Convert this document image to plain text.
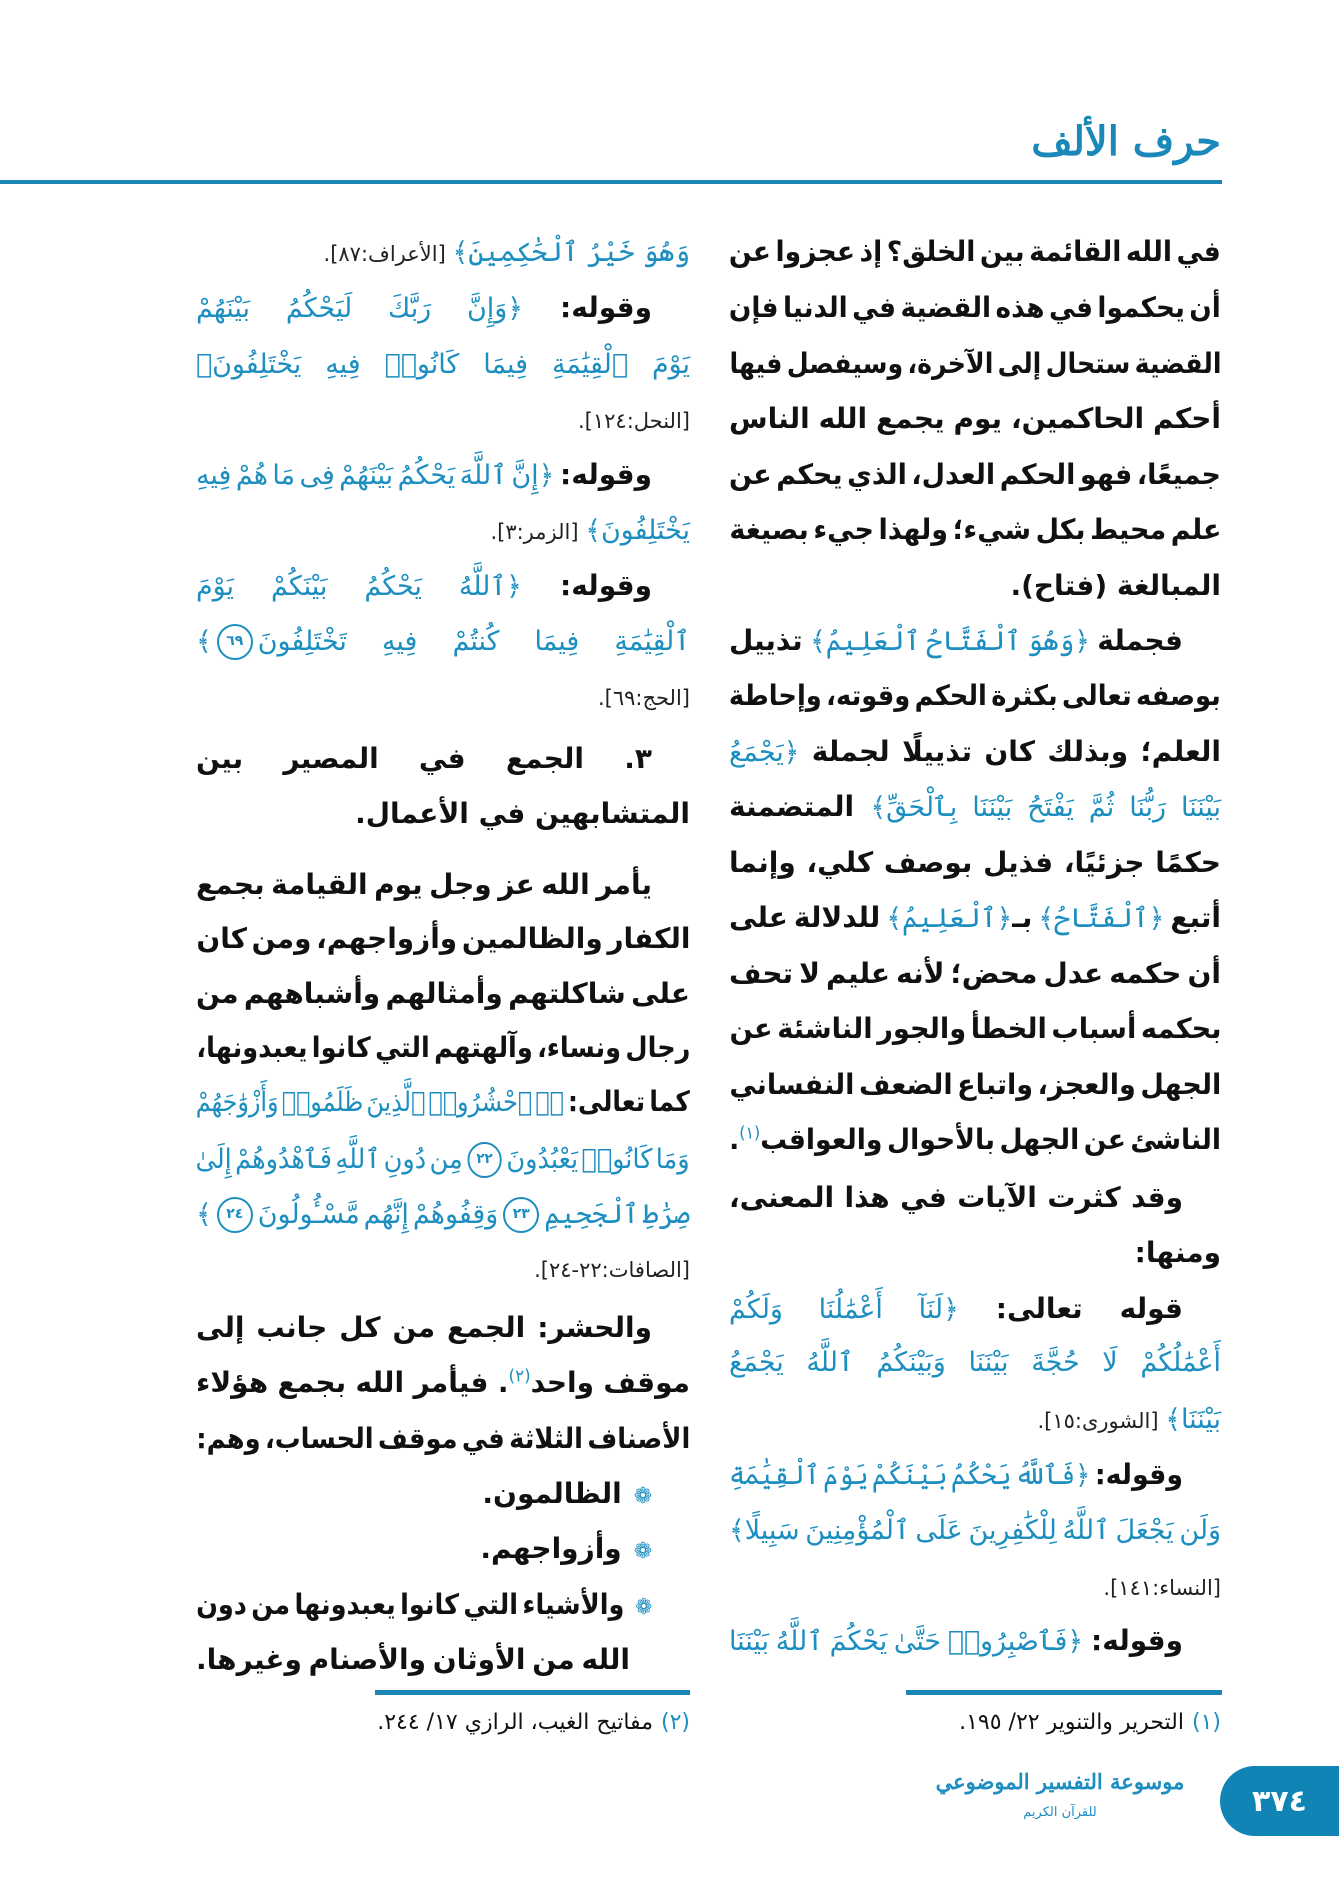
حرف الألف
في الله القائمة بين الخلق؟ إذ عجزوا عن
أن يحكموا في هذه القضية في الدنيا فإن
القضية ستحال إلى الآخرة، وسيفصل فيها
أحكم الحاكمين، يوم يجمع الله الناس
جميعًا، فهو الحكم العدل، الذي يحكم عن
علم محيط بكل شيء؛ ولهذا جيء بصيغة
المبالغة (فتاح).
فجملة ﴿وَهُوَ ٱلْفَتَّاحُ ٱلْعَلِيمُ﴾ تذييل
بوصفه تعالى بكثرة الحكم وقوته، وإحاطة
العلم؛ وبذلك كان تذييلًا لجملة ﴿يَجْمَعُ
بَيْنَنَا رَبُّنَا ثُمَّ يَفْتَحُ بَيْنَنَا بِٱلْحَقِّ﴾ المتضمنة
حكمًا جزئيًا، فذيل بوصف كلي، وإنما
أتبع ﴿ٱلْفَتَّاحُ﴾ بـ﴿ٱلْعَلِيمُ﴾ للدلالة على
أن حكمه عدل محض؛ لأنه عليم لا تحف
بحكمه أسباب الخطأ والجور الناشئة عن
الجهل والعجز، واتباع الضعف النفساني
الناشئ عن الجهل بالأحوال والعواقب$^{(١)}$.
وقد كثرت الآيات في هذا المعنى،
ومنها:
قوله تعالى: ﴿لَنَآ أَعْمَٰلُنَا وَلَكُمْ
أَعْمَٰلُكُمْ لَا حُجَّةَ بَيْنَنَا وَبَيْنَكُمُ ٱللَّهُ يَجْمَعُ
بَيْنَنَا﴾ [الشورى:١٥].
وقوله: ﴿فَٱللَّهُ يَحْكُمُ بَيْنَكُمْ يَوْمَ ٱلْقِيَٰمَةِ
وَلَن يَجْعَلَ ٱللَّهُ لِلْكَٰفِرِينَ عَلَى ٱلْمُؤْمِنِينَ سَبِيلًا﴾
[النساء:١٤١].
وقوله: ﴿فَٱصْبِرُوا۟ حَتَّىٰ يَحْكُمَ ٱللَّهُ بَيْنَنَا
وَهُوَ خَيْرُ ٱلْحَٰكِمِينَ﴾ [الأعراف:٨٧].
وقوله: ﴿وَإِنَّ رَبَّكَ لَيَحْكُمُ بَيْنَهُمْ
يَوْمَ ٱلْقِيَٰمَةِ فِيمَا كَانُوا۟ فِيهِ يَخْتَلِفُونَ﴾
[النحل:١٢٤].
وقوله: ﴿إِنَّ ٱللَّهَ يَحْكُمُ بَيْنَهُمْ فِى مَا هُمْ فِيهِ
يَخْتَلِفُونَ﴾ [الزمر:٣].
وقوله: ﴿ٱللَّهُ يَحْكُمُ بَيْنَكُمْ يَوْمَ
ٱلْقِيَٰمَةِ فِيمَا كُنتُمْ فِيهِ تَخْتَلِفُونَ٦٩﴾
[الحج:٦٩].
٣. الجمع في المصير بين
المتشابهين في الأعمال.
يأمر الله عز وجل يوم القيامة بجمع
الكفار والظالمين وأزواجهم، ومن كان
على شاكلتهم وأمثالهم وأشباههم من
رجال ونساء، وآلهتهم التي كانوا يعبدونها،
كما تعالى: ﴿۞ ٱحْشُرُوا۟ ٱلَّذِينَ ظَلَمُوا۟ وَأَزْوَٰجَهُمْ
وَمَا كَانُوا۟ يَعْبُدُونَ٢٢مِن دُونِ ٱللَّهِ فَٱهْدُوهُمْ إِلَىٰ
صِرَٰطِ ٱلْجَحِيمِ٢٣وَقِفُوهُمْ إِنَّهُم مَّسْـُٔولُونَ٢٤﴾
[الصافات:٢٢-٢٤].
والحشر: الجمع من كل جانب إلى
موقف واحد$^{(٢)}$. فيأمر الله بجمع هؤلاء
الأصناف الثلاثة في موقف الحساب، وهم:
❁الظالمون.
❁وأزواجهم.
❁والأشياء التي كانوا يعبدونها من دون
الله من الأوثان والأصنام وغيرها.
(١)التحرير والتنوير ٢٢/ ١٩٥.
(٢)مفاتيح الغيب، الرازي ١٧/ ٢٤٤.
موسوعة التفسير الموضوعي
للقرآن الكريم	٣٧٤
